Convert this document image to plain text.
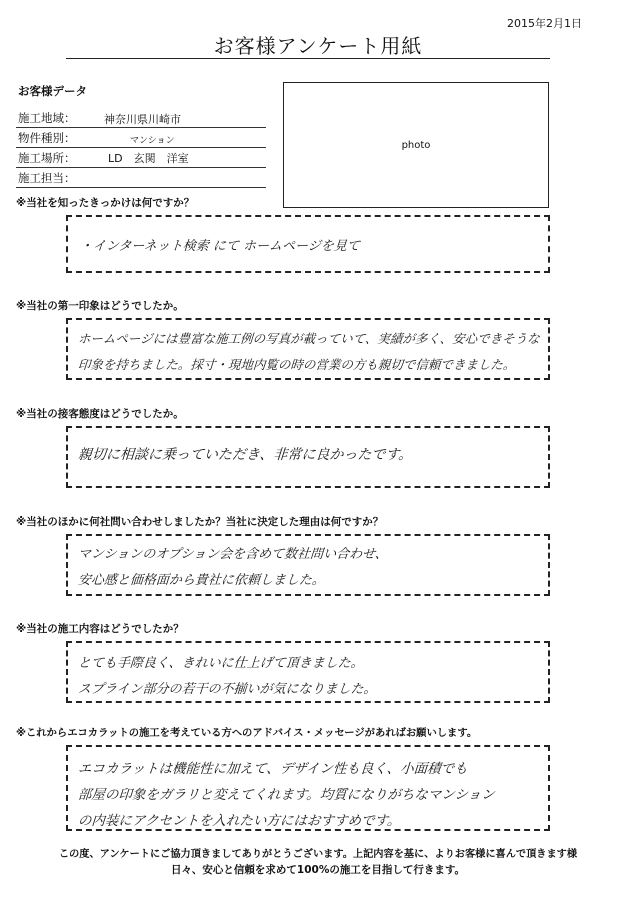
2015年2月1日
お客様アンケート用紙
お客様データ
施工地域：	神奈川県川崎市
物件種別：	マンション
施工場所：	LD　玄関　洋室
施工担当：
photo
※当社を知ったきっかけは何ですか？
・インターネット検索 にて ホームページを見て
※当社の第一印象はどうでしたか。
ホームページには豊富な施工例の写真が載っていて、実績が多く、安心できそうな
印象を持ちました。採寸・現地内覧の時の営業の方も親切で信頼できました。
※当社の接客態度はどうでしたか。
親切に相談に乗っていただき、非常に良かったです。
※当社のほかに何社問い合わせしましたか？当社に決定した理由は何ですか？
マンションのオプション会を含めて数社問い合わせ、
安心感と価格面から貴社に依頼しました。
※当社の施工内容はどうでしたか？
とても手際良く、きれいに仕上げて頂きました。
スプライン部分の若干の不揃いが気になりました。
※これからエコカラットの施工を考えている方へのアドバイス・メッセージがあればお願いします。
エコカラットは機能性に加えて、デザイン性も良く、小面積でも
部屋の印象をガラリと変えてくれます。均質になりがちなマンション
の内装にアクセントを入れたい方にはおすすめです。
この度、アンケートにご協力頂きましてありがとうございます。上記内容を基に、よりお客様に喜んで頂きます様
日々、安心と信頼を求めて100%の施工を目指して行きます。
